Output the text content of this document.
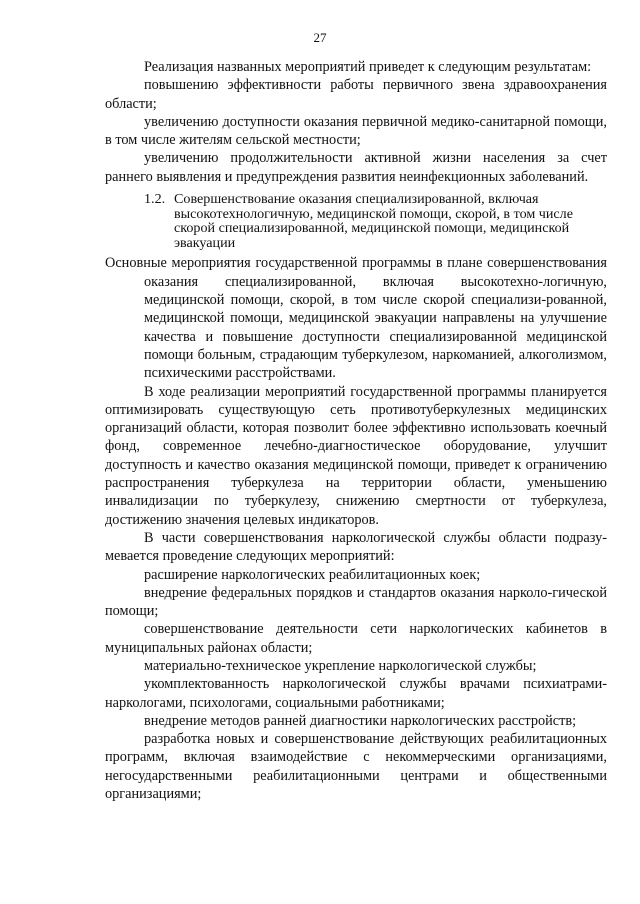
27

Реализация названных мероприятий приведет к следующим результатам:

повышению эффективности работы первичного звена здравоохранения области;

увеличению доступности оказания первичной медико-санитарной помощи, в том числе жителям сельской местности;

увеличению продолжительности активной жизни населения за счет раннего выявления и предупреждения развития неинфекционных заболеваний.

1.2. Совершенствование оказания специализированной, включая высокотехнологичную, медицинской помощи, скорой, в том числе скорой специализированной, медицинской помощи, медицинской эвакуации

Основные мероприятия государственной программы в плане совершенствования оказания специализированной, включая высокотехно-логичную, медицинской помощи, скорой, в том числе скорой специализи-рованной, медицинской помощи, медицинской эвакуации направлены на улучшение качества и повышение доступности специализированной медицинской помощи больным, страдающим туберкулезом, наркоманией, алкоголизмом, психическими расстройствами.

В ходе реализации мероприятий государственной программы планируется оптимизировать существующую сеть противотуберкулезных медицинских организаций области, которая позволит более эффективно использовать коечный фонд, современное лечебно-диагностическое оборудование, улучшит доступность и качество оказания медицинской помощи, приведет к ограничению распространения туберкулеза на территории области, уменьшению инвалидизации по туберкулезу, снижению смертности от туберкулеза, достижению значения целевых индикаторов.

В части совершенствования наркологической службы области подразу-мевается проведение следующих мероприятий:

расширение наркологических реабилитационных коек;

внедрение федеральных порядков и стандартов оказания нарколо-гической помощи;

совершенствование деятельности сети наркологических кабинетов в муниципальных районах области;

материально-техническое укрепление наркологической службы;

укомплектованность наркологической службы врачами психиатрами-наркологами, психологами, социальными работниками;

внедрение методов ранней диагностики наркологических расстройств;

разработка новых и совершенствование действующих реабилитационных программ, включая взаимодействие с некоммерческими организациями, негосударственными реабилитационными центрами и общественными организациями;
